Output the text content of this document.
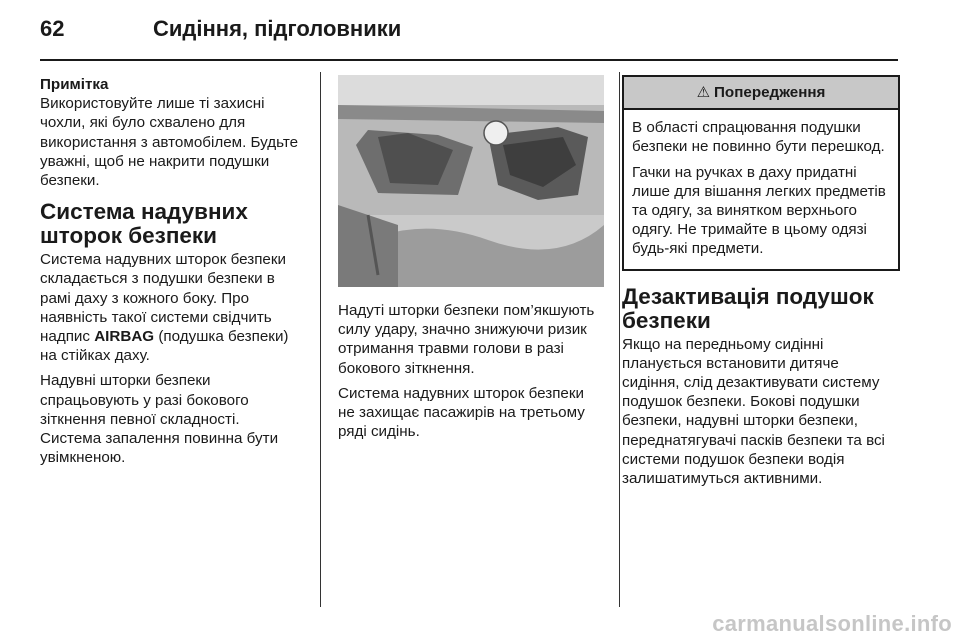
62	Сидіння, підголовники

Примітка

Використовуйте лише ті захисні чохли, які було схвалено для використання з автомобілем. Будьте уважні, щоб не накрити подушки безпеки.

Система надувних шторок безпеки

Система надувних шторок безпеки складається з подушки безпеки в рамі даху з кожного боку. Про наявність такої системи свідчить надпис AIRBAG (подушка безпеки) на стійках даху.

Надувні шторки безпеки спрацьовують у разі бокового зіткнення певної складності. Система запалення повинна бути увімкненою.

Надуті шторки безпеки пом’якшують силу удару, значно знижуючи ризик отримання травми голови в разі бокового зіткнення.

Система надувних шторок безпеки не захищає пасажирів на третьому ряді сидінь.

⚠ Попередження

В області спрацювання подушки безпеки не повинно бути перешкод.

Гачки на ручках в даху придатні лише для вішання легких предметів та одягу, за винятком верхнього одягу. Не тримайте в цьому одязі будь-які предмети.

Дезактивація подушок безпеки

Якщо на передньому сидінні планується встановити дитяче сидіння, слід дезактивувати систему подушок безпеки. Бокові подушки безпеки, надувні шторки безпеки, переднатягувачі пасків безпеки та всі системи подушок безпеки водія залишатимуться активними.

carmanualsonline.info
